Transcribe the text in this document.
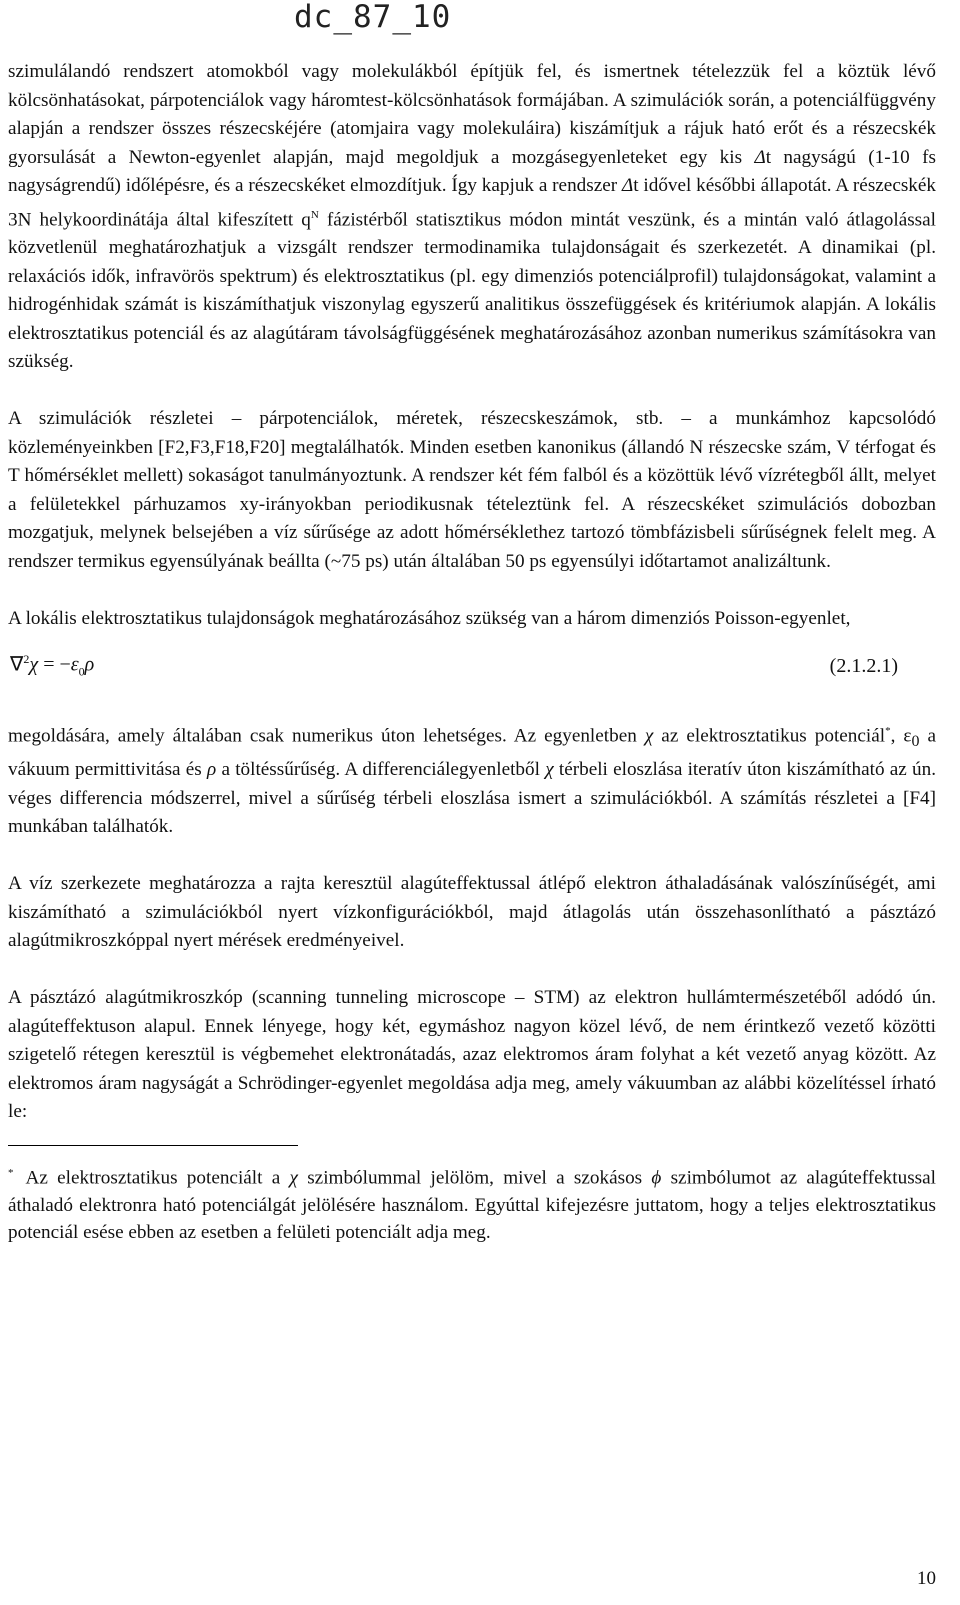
dc_87_10

szimulálandó rendszert atomokból vagy molekulákból építjük fel, és ismertnek tételezzük fel a köztük lévő kölcsönhatásokat, párpotenciálok vagy háromtest-kölcsönhatások formájában. A szimulációk során, a potenciálfüggvény alapján a rendszer összes részecskéjére (atomjaira vagy molekuláira) kiszámítjuk a rájuk ható erőt és a részecskék gyorsulását a Newton-egyenlet alapján, majd megoldjuk a mozgásegyenleteket egy kis Δt nagyságú (1-10 fs nagyságrendű) időlépésre, és a részecskéket elmozdítjuk. Így kapjuk a rendszer Δt idővel későbbi állapotát. A részecskék 3N helykoordinátája által kifeszített $q^N$ fázistérből statisztikus módon mintát veszünk, és a mintán való átlagolással közvetlenül meghatározhatjuk a vizsgált rendszer termodinamika tulajdonságait és szerkezetét. A dinamikai (pl. relaxációs idők, infravörös spektrum) és elektrosztatikus (pl. egy dimenziós potenciálprofil) tulajdonságokat, valamint a hidrogénhidak számát is kiszámíthatjuk viszonylag egyszerű analitikus összefüggések és kritériumok alapján. A lokális elektrosztatikus potenciál és az alagútáram távolságfüggésének meghatározásához azonban numerikus számításokra van szükség.

A szimulációk részletei – párpotenciálok, méretek, részecskeszámok, stb. – a munkámhoz kapcsolódó közleményeinkben [F2,F3,F18,F20] megtalálhatók. Minden esetben kanonikus (állandó N részecske szám, V térfogat és T hőmérséklet mellett) sokaságot tanulmányoztunk. A rendszer két fém falból és a közöttük lévő vízrétegből állt, melyet a felületekkel párhuzamos xy-irányokban periodikusnak tételeztünk fel. A részecskéket szimulációs dobozban mozgatjuk, melynek belsejében a víz sűrűsége az adott hőmérséklethez tartozó tömbfázisbeli sűrűségnek felelt meg. A rendszer termikus egyensúlyának beállta (~75 ps) után általában 50 ps egyensúlyi időtartamot analizáltunk.

A lokális elektrosztatikus tulajdonságok meghatározásához szükség van a három dimenziós Poisson-egyenlet,

$\nabla^2\chi = -\varepsilon_0\rho$	(2.1.2.1)

megoldására, amely általában csak numerikus úton lehetséges. Az egyenletben χ az elektrosztatikus potenciál*, $\varepsilon_0$ a vákuum permittivitása és ρ a töltéssűrűség. A differenciálegyenletből χ térbeli eloszlása iteratív úton kiszámítható az ún. véges differencia módszerrel, mivel a sűrűség térbeli eloszlása ismert a szimulációkból. A számítás részletei a [F4] munkában találhatók.

A víz szerkezete meghatározza a rajta keresztül alagúteffektussal átlépő elektron áthaladásának valószínűségét, ami kiszámítható a szimulációkból nyert vízkonfigurációkból, majd átlagolás után összehasonlítható a pásztázó alagútmikroszkóppal nyert mérések eredményeivel.

A pásztázó alagútmikroszkóp (scanning tunneling microscope – STM) az elektron hullámtermészetéből adódó ún. alagúteffektuson alapul. Ennek lényege, hogy két, egymáshoz nagyon közel lévő, de nem érintkező vezető közötti szigetelő rétegen keresztül is végbemehet elektronátadás, azaz elektromos áram folyhat a két vezető anyag között. Az elektromos áram nagyságát a Schrödinger-egyenlet megoldása adja meg, amely vákuumban az alábbi közelítéssel írható le:

* Az elektrosztatikus potenciált a χ szimbólummal jelölöm, mivel a szokásos ϕ szimbólumot az alagúteffektussal áthaladó elektronra ható potenciálgát jelölésére használom. Egyúttal kifejezésre juttatom, hogy a teljes elektrosztatikus potenciál esése ebben az esetben a felületi potenciált adja meg.
10
